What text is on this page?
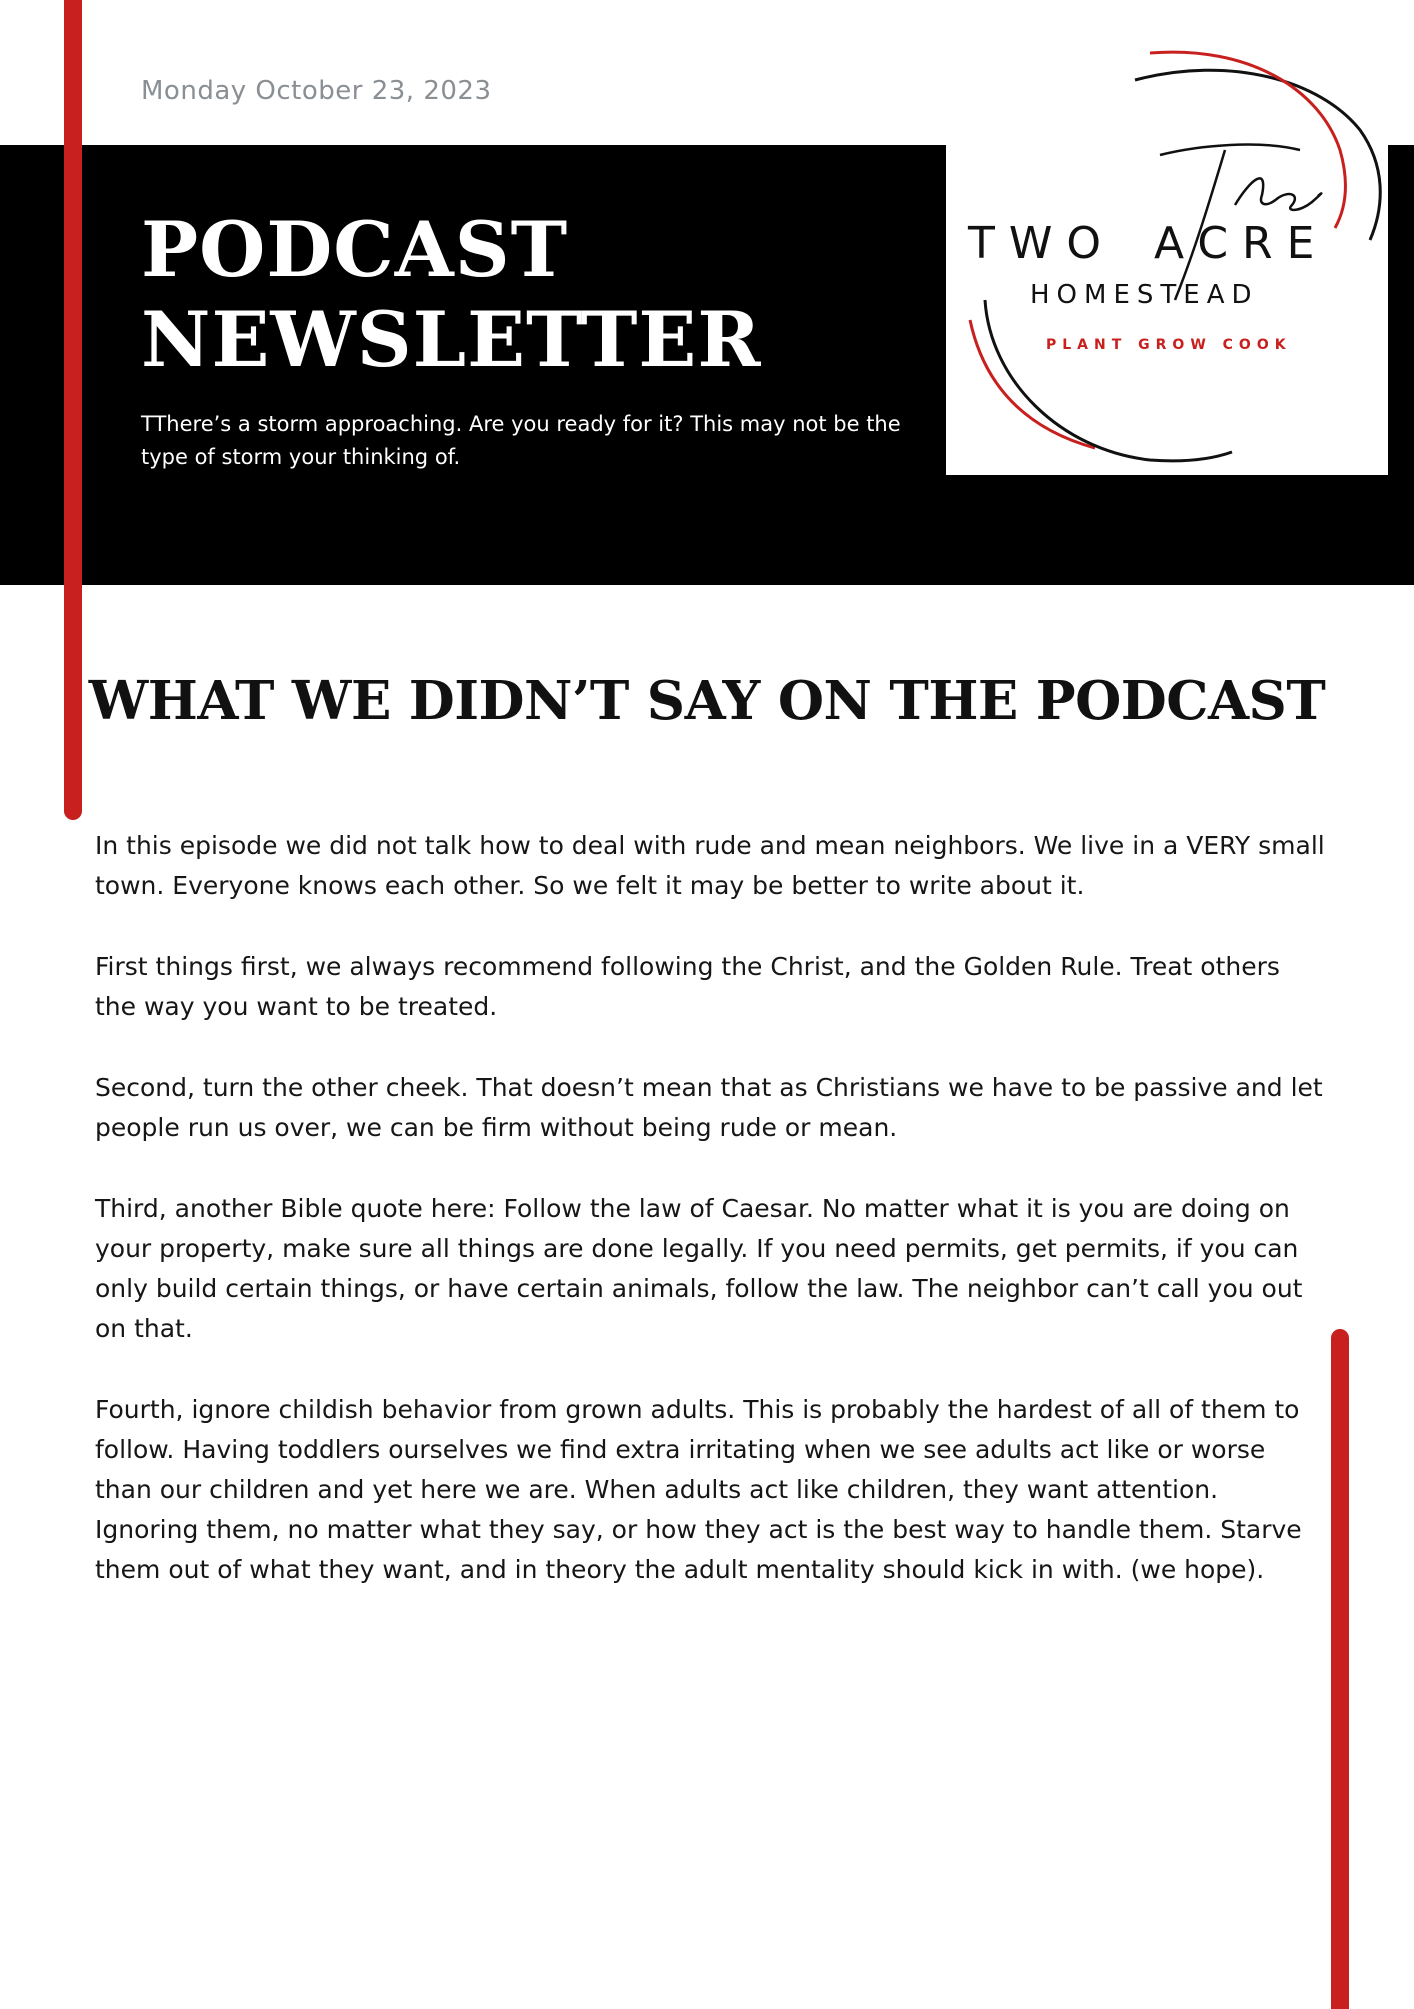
Monday October 23, 2023
PODCAST
NEWSLETTER

TThere’s a storm approaching. Are you ready for it? This may not be the type of storm your thinking of.

TWO ACRE
HOMESTEAD
PLANT GROW COOK
WHAT WE DIDN’T SAY ON THE PODCAST

In this episode we did not talk how to deal with rude and mean neighbors. We live in a VERY small town. Everyone knows each other. So we felt it may be better to write about it.

First things first, we always recommend following the Christ, and the Golden Rule. Treat others the way you want to be treated.

Second, turn the other cheek. That doesn’t mean that as Christians we have to be passive and let people run us over, we can be firm without being rude or mean.

Third, another Bible quote here: Follow the law of Caesar. No matter what it is you are doing on your property, make sure all things are done legally. If you need permits, get permits, if you can only build certain things, or have certain animals, follow the law. The neighbor can’t call you out on that.

Fourth, ignore childish behavior from grown adults. This is probably the hardest of all of them to follow. Having toddlers ourselves we find extra irritating when we see adults act like or worse than our children and yet here we are. When adults act like children, they want attention. Ignoring them, no matter what they say, or how they act is the best way to handle them. Starve them out of what they want, and in theory the adult mentality should kick in with. (we hope).
